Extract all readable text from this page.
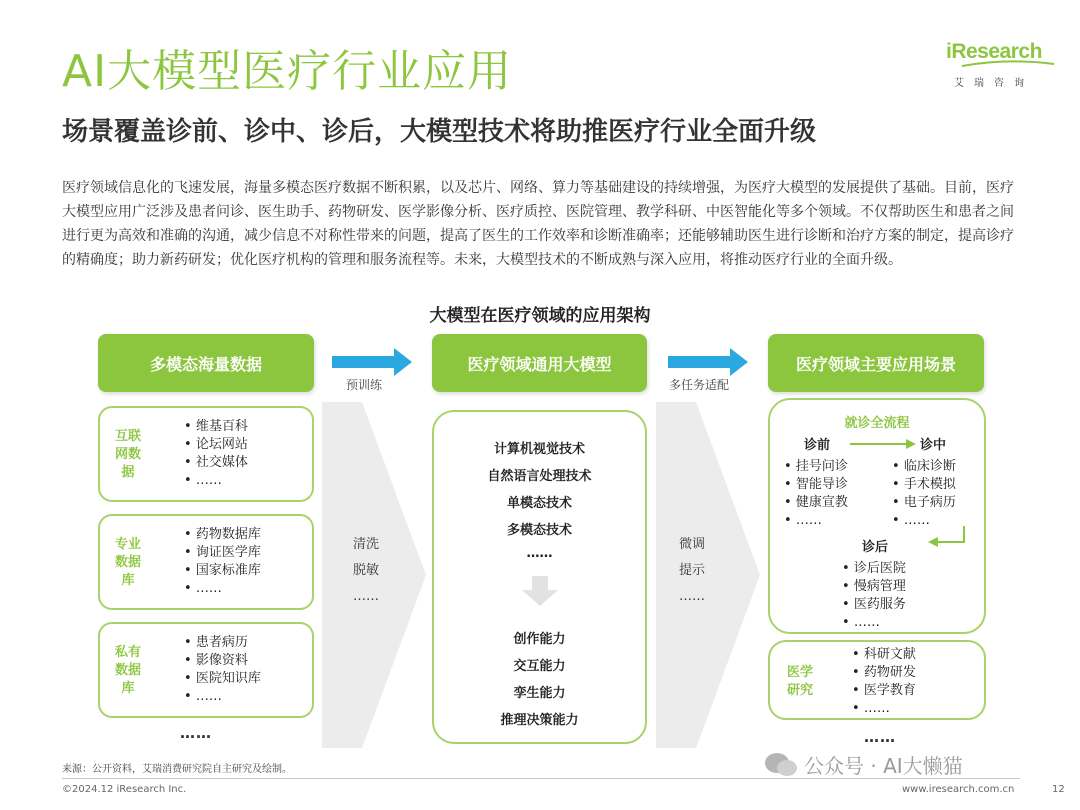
AI大模型医疗行业应用
场景覆盖诊前、诊中、诊后，大模型技术将助推医疗行业全面升级
iResearch
艾瑞咨询
医疗领域信息化的飞速发展，海量多模态医疗数据不断积累，以及芯片、网络、算力等基础建设的持续增强，为医疗大模型的发展提供了基础。目前，医疗大模型应用广泛涉及患者问诊、医生助手、药物研发、医学影像分析、医疗质控、医院管理、教学科研、中医智能化等多个领域。不仅帮助医生和患者之间进行更为高效和准确的沟通，减少信息不对称性带来的问题，提高了医生的工作效率和诊断准确率；还能够辅助医生进行诊断和治疗方案的制定，提高诊疗的精确度；助力新药研发；优化医疗机构的管理和服务流程等。未来，大模型技术的不断成熟与深入应用，将推动医疗行业的全面升级。
大模型在医疗领域的应用架构
多模态海量数据	医疗领域通用大模型	医疗领域主要应用场景
预训练	多任务适配
清洗
脱敏
……
微调
提示
……
互联网数据
• 维基百科
• 论坛网站
• 社交媒体
• ……
专业数据库
• 药物数据库
• 询证医学库
• 国家标准库
• ……
私有数据库
• 患者病历
• 影像资料
• 医院知识库
• ……
……
计算机视觉技术
自然语言处理技术
单模态技术
多模态技术
……
创作能力
交互能力
孪生能力
推理决策能力
就诊全流程
诊前	诊中
• 挂号问诊
• 智能导诊
• 健康宣教
• ……
• 临床诊断
• 手术模拟
• 电子病历
• ……
诊后
• 诊后医院
• 慢病管理
• 医药服务
• ……
医学研究
• 科研文献
• 药物研发
• 医学教育
• ……
……
来源：公开资料，艾瑞消费研究院自主研究及绘制。
©2024.12 iResearch Inc.	www.iresearch.com.cn	12
公众号 · AI大懒猫
